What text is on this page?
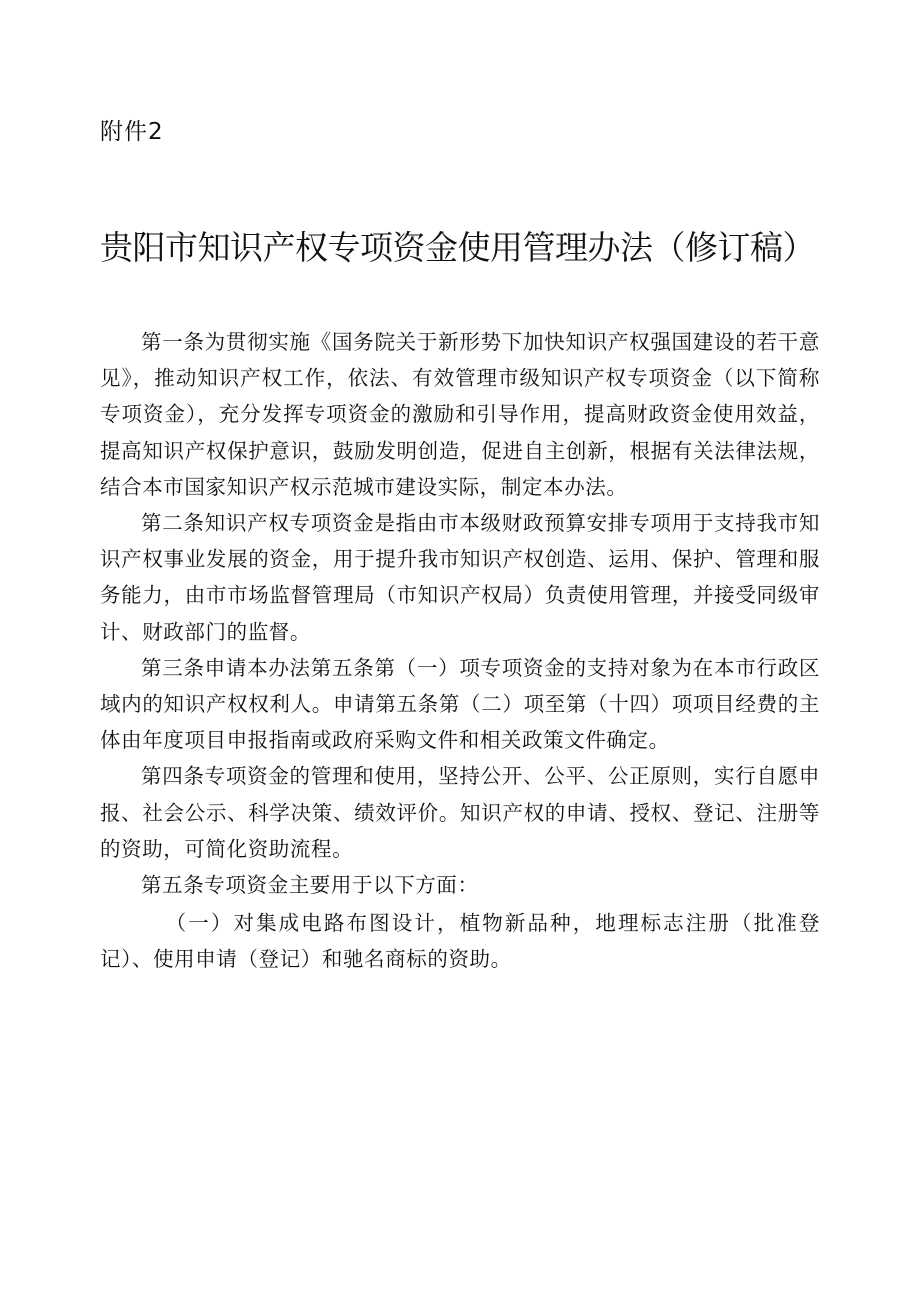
附件2
贵阳市知识产权专项资金使用管理办法（修订稿）

第一条为贯彻实施《国务院关于新形势下加快知识产权强国建设的若干意见》，推动知识产权工作，依法、有效管理市级知识产权专项资金（以下简称专项资金），充分发挥专项资金的激励和引导作用，提高财政资金使用效益，提高知识产权保护意识，鼓励发明创造，促进自主创新，根据有关法律法规，结合本市国家知识产权示范城市建设实际，制定本办法。

第二条知识产权专项资金是指由市本级财政预算安排专项用于支持我市知识产权事业发展的资金，用于提升我市知识产权创造、运用、保护、管理和服务能力，由市市场监督管理局（市知识产权局）负责使用管理，并接受同级审计、财政部门的监督。

第三条申请本办法第五条第（一）项专项资金的支持对象为在本市行政区域内的知识产权权利人。申请第五条第（二）项至第（十四）项项目经费的主体由年度项目申报指南或政府采购文件和相关政策文件确定。

第四条专项资金的管理和使用，坚持公开、公平、公正原则，实行自愿申报、社会公示、科学决策、绩效评价。知识产权的申请、授权、登记、注册等的资助，可简化资助流程。

第五条专项资金主要用于以下方面：

（一）对集成电路布图设计，植物新品种，地理标志注册（批准登记）、使用申请（登记）和驰名商标的资助。
